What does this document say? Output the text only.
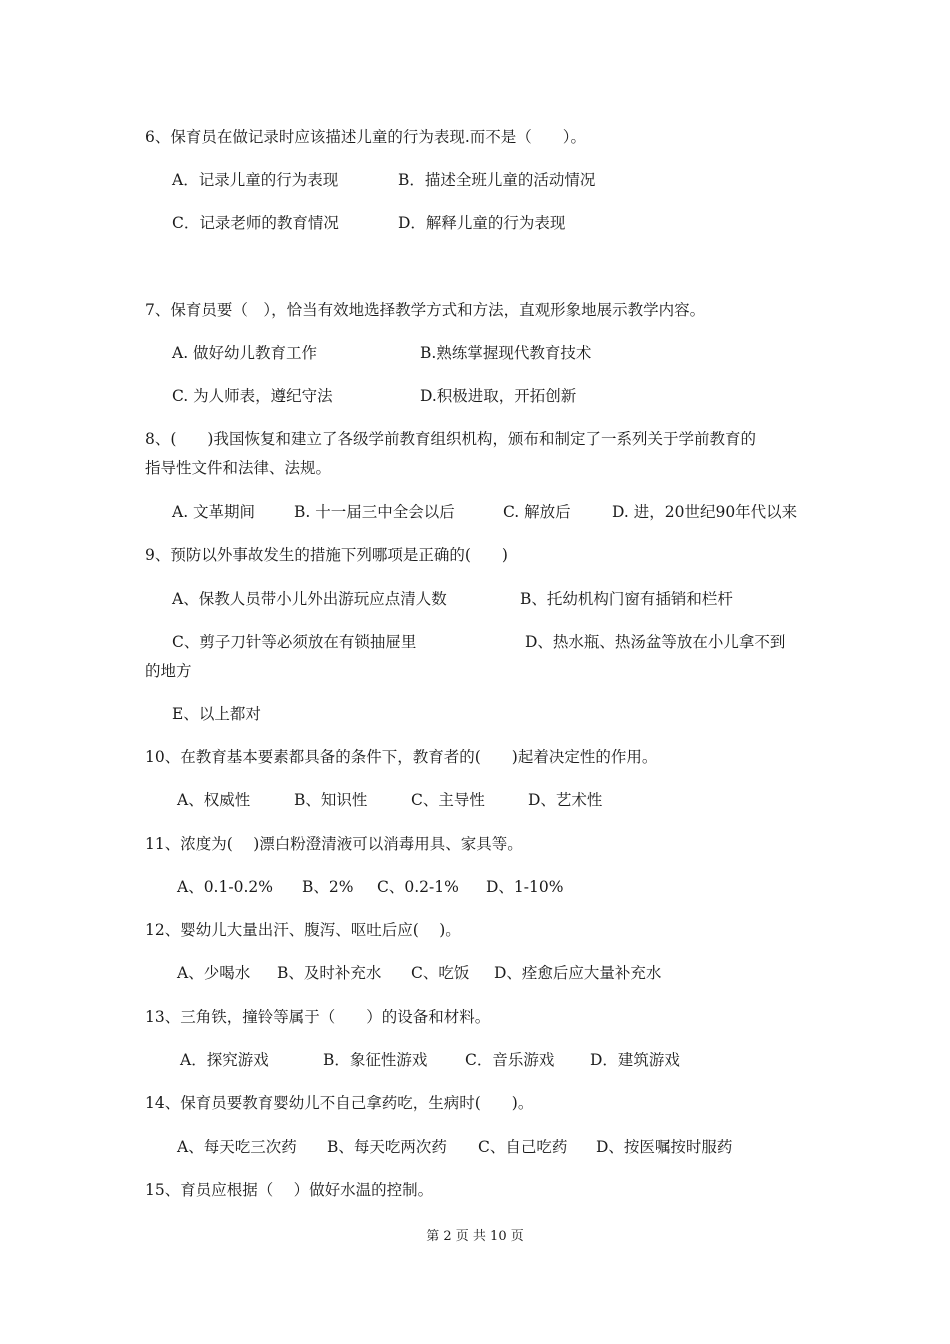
6、保育员在做记录时应该描述儿童的行为表现.而不是（　　）。
A．记录儿童的行为表现	B．描述全班儿童的活动情况
C．记录老师的教育情况	D．解释儿童的行为表现
7、保育员要（　），恰当有效地选择教学方式和方法，直观形象地展示教学内容。
A. 做好幼儿教育工作	B.熟练掌握现代教育技术
C. 为人师表，遵纪守法	D.积极进取，开拓创新
8、(　　)我国恢复和建立了各级学前教育组织机构，颁布和制定了一系列关于学前教育的
指导性文件和法律、法规。
A. 文革期间	B. 十一届三中全会以后	C. 解放后	D. 进，20世纪90年代以来
9、预防以外事故发生的措施下列哪项是正确的(　　)
A、保教人员带小儿外出游玩应点清人数	B、托幼机构门窗有插销和栏杆
C、剪子刀针等必须放在有锁抽屉里	D、热水瓶、热汤盆等放在小儿拿不到
的地方
E、以上都对
10、在教育基本要素都具备的条件下，教育者的(　　)起着决定性的作用。
A、权威性	B、知识性	C、主导性	D、艺术性
11、浓度为(　 )漂白粉澄清液可以消毒用具、家具等。
A、0.1-0.2% B、2% C、0.2-1% D、1-10%
12、婴幼儿大量出汗、腹泻、呕吐后应(　 )。
A、少喝水 B、及时补充水 C、吃饭 D、痊愈后应大量补充水
13、三角铁，撞铃等属于（　　）的设备和材料。
A．探究游戏	B．象征性游戏 C．音乐游戏 D．建筑游戏
14、保育员要教育婴幼儿不自己拿药吃，生病时(　　)。
A、每天吃三次药 B、每天吃两次药 C、自己吃药 D、按医嘱按时服药
15、育员应根据（　 ）做好水温的控制。
第 2 页 共 10 页
